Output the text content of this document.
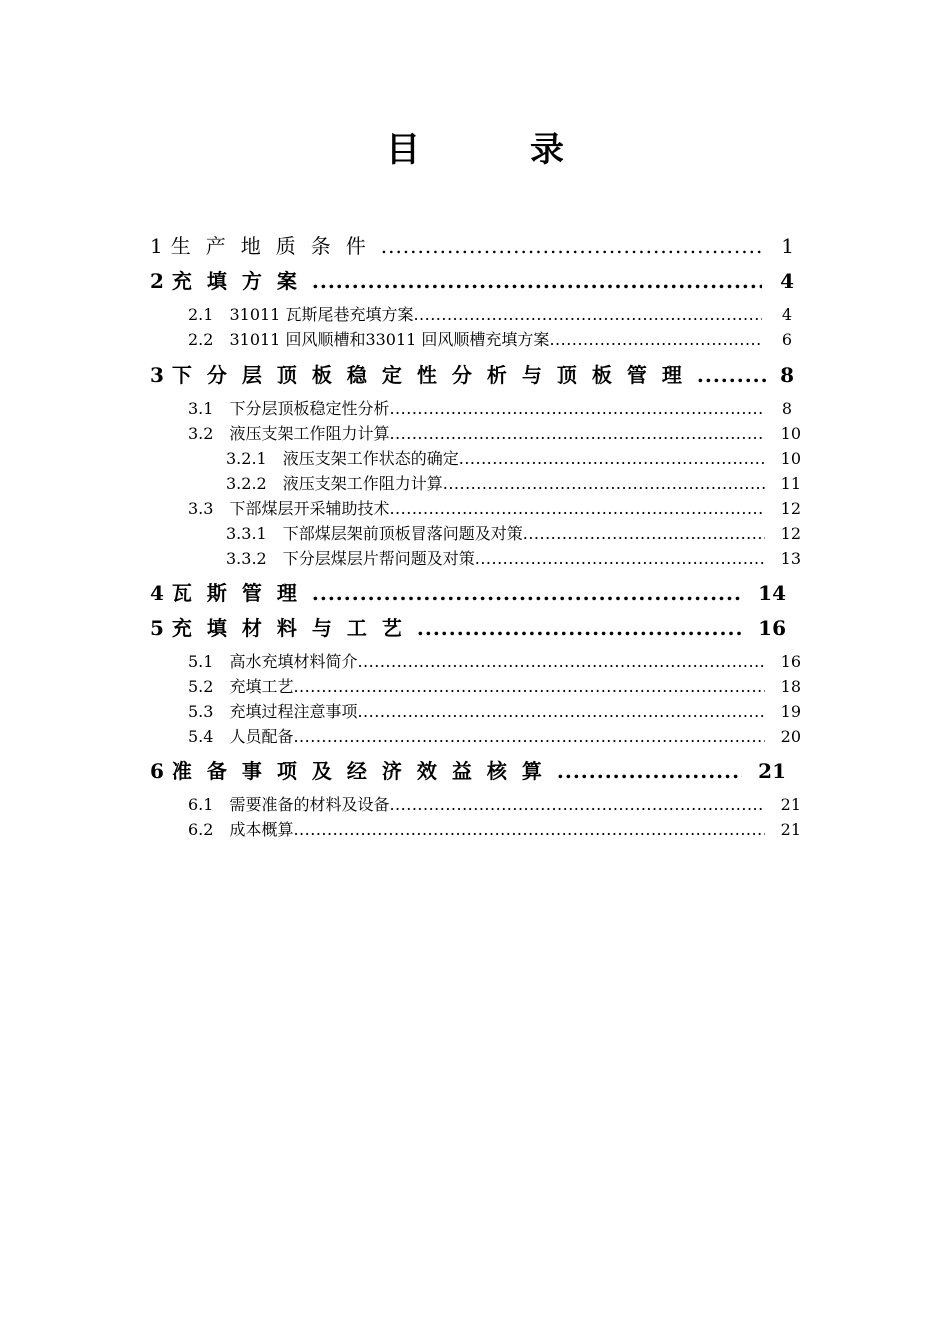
目　录
1 生产地质条件 .....	1
2 充填方案 .....	4
2.1 31011 瓦斯尾巷充填方案 .....	4
2.2 31011 回风顺槽和33011 回风顺槽充填方案 .....	6
3 下分层顶板稳定性分析与顶板管理 .....	8
3.1 下分层顶板稳定性分析 .....	8
3.2 液压支架工作阻力计算 .....	10
3.2.1 液压支架工作状态的确定 .....	10
3.2.2 液压支架工作阻力计算 .....	11
3.3 下部煤层开采辅助技术 .....	12
3.3.1 下部煤层架前顶板冒落问题及对策 .....	12
3.3.2 下分层煤层片帮问题及对策 .....	13
4 瓦斯管理 .....	14
5 充填材料与工艺 .....	16
5.1 高水充填材料简介 .....	16
5.2 充填工艺 .....	18
5.3 充填过程注意事项 .....	19
5.4 人员配备 .....	20
6 准备事项及经济效益核算 .....	21
6.1 需要准备的材料及设备 .....	21
6.2 成本概算 .....	21
